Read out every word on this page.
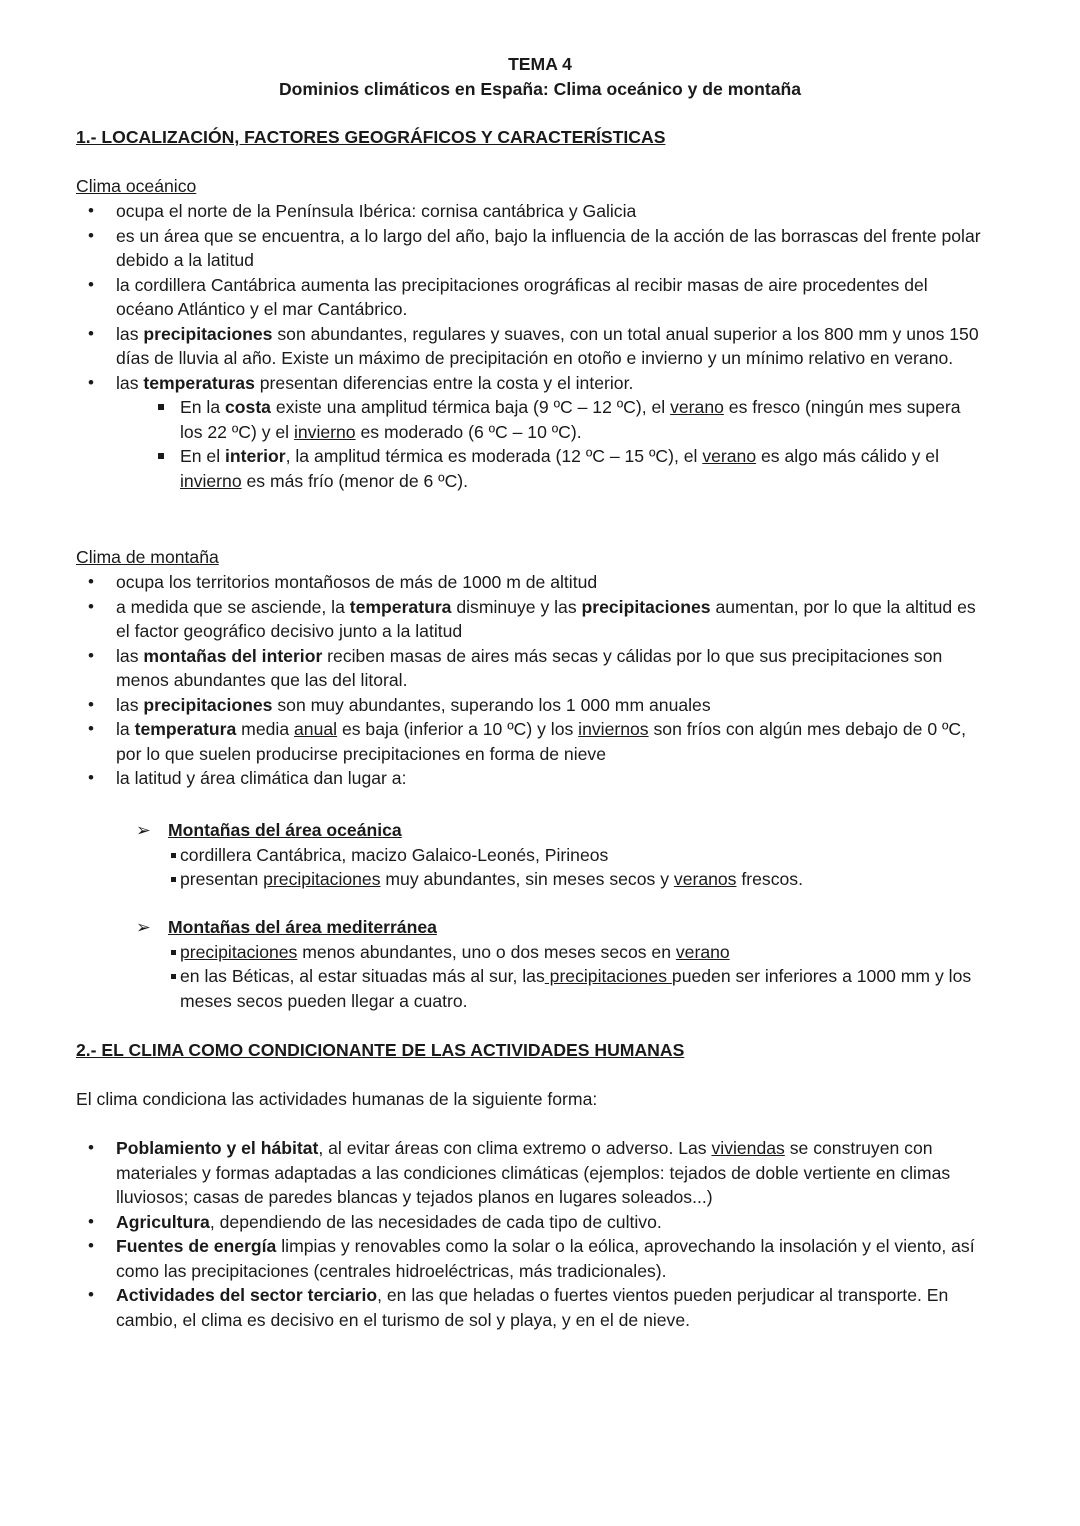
TEMA 4
Dominios climáticos en España: Clima oceánico y de montaña
1.- LOCALIZACIÓN, FACTORES GEOGRÁFICOS Y CARACTERÍSTICAS
Clima oceánico
• ocupa el norte de la Península Ibérica: cornisa cantábrica y Galicia
• es un área que se encuentra, a lo largo del año, bajo la influencia de la acción de las borrascas del frente polar debido a la latitud
• la cordillera Cantábrica aumenta las precipitaciones orográficas al recibir masas de aire procedentes del océano Atlántico y el mar Cantábrico.
• las precipitaciones son abundantes, regulares y suaves, con un total anual superior a los 800 mm y unos 150 días de lluvia al año. Existe un máximo de precipitación en otoño e invierno y un mínimo relativo en verano.
• las temperaturas presentan diferencias entre la costa y el interior.
En la costa existe una amplitud térmica baja (9 ºC – 12 ºC), el verano es fresco (ningún mes supera los 22 ºC) y el invierno es moderado (6 ºC – 10 ºC).
En el interior, la amplitud térmica es moderada (12 ºC – 15 ºC), el verano es algo más cálido y el invierno es más frío (menor de 6 ºC).
Clima de montaña
• ocupa los territorios montañosos de más de 1000 m de altitud
• a medida que se asciende, la temperatura disminuye y las precipitaciones aumentan, por lo que la altitud es el factor geográfico decisivo junto a la latitud
• las montañas del interior reciben masas de aires más secas y cálidas por lo que sus precipitaciones son menos abundantes que las del litoral.
• las precipitaciones son muy abundantes, superando los 1 000 mm anuales
• la temperatura media anual es baja (inferior a 10 ºC) y los inviernos son fríos con algún mes debajo de 0 ºC, por lo que suelen producirse precipitaciones en forma de nieve
• la latitud y área climática dan lugar a:
➢ Montañas del área oceánica
cordillera Cantábrica, macizo Galaico-Leonés, Pirineos
presentan precipitaciones muy abundantes, sin meses secos y veranos frescos.
➢ Montañas del área mediterránea
precipitaciones menos abundantes, uno o dos meses secos en verano
en las Béticas, al estar situadas más al sur, las precipitaciones pueden ser inferiores a 1000 mm y los meses secos pueden llegar a cuatro.
2.- EL CLIMA COMO CONDICIONANTE DE LAS ACTIVIDADES HUMANAS
El clima condiciona las actividades humanas de la siguiente forma:
• Poblamiento y el hábitat, al evitar áreas con clima extremo o adverso. Las viviendas se construyen con materiales y formas adaptadas a las condiciones climáticas (ejemplos: tejados de doble vertiente en climas lluviosos; casas de paredes blancas y tejados planos en lugares soleados...)
• Agricultura, dependiendo de las necesidades de cada tipo de cultivo.
• Fuentes de energía limpias y renovables como la solar o la eólica, aprovechando la insolación y el viento, así como las precipitaciones (centrales hidroeléctricas, más tradicionales).
• Actividades del sector terciario, en las que heladas o fuertes vientos pueden perjudicar al transporte. En cambio, el clima es decisivo en el turismo de sol y playa, y en el de nieve.
